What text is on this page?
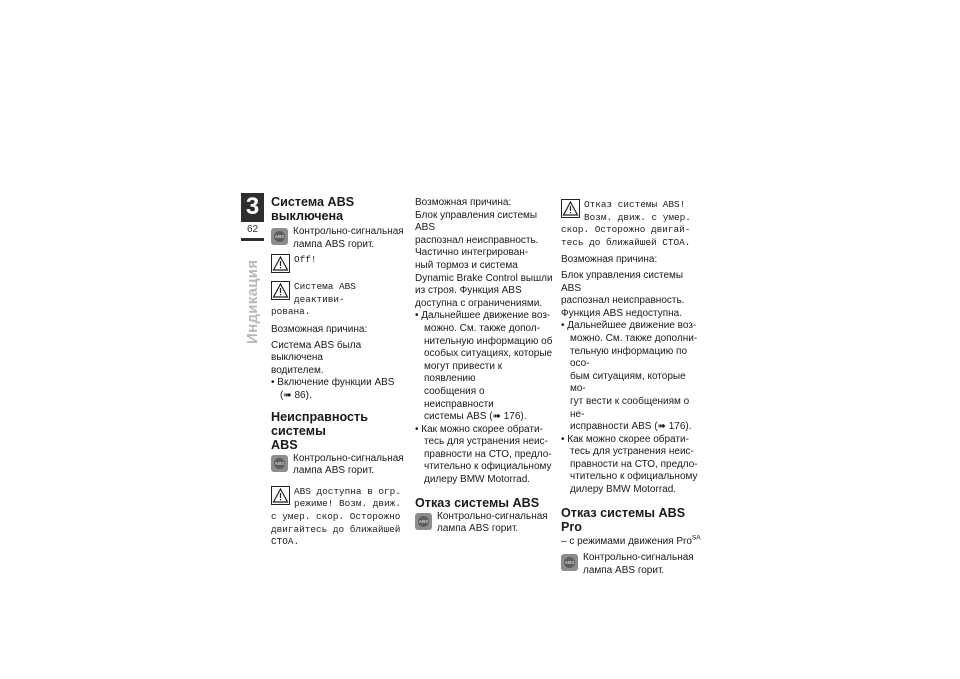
3
62
Индикация
Система ABS выключена
ABS Контрольно-сигнальная

лампа ABS горит.

Off!

Система ABS деактиви-

рована.

Возможная причина:

Система ABS была выключена

водителем.

• Включение функции ABS

(➠ 86).

Неисправность системы
ABS
ABS Контрольно-сигнальная

лампа ABS горит.

ABS доступна в огр.

режиме! Возм. движ.

с умер. скор. Осторожно

двигайтесь до ближайшей

СТОА.

Возможная причина:

Блок управления системы ABS

распознал неисправность.

Частично интегрирован-

ный тормоз и система

Dynamic Brake Control вышли

из строя. Функция ABS

доступна с ограничениями.

• Дальнейшее движение воз-

можно. См. также допол-

нительную информацию об

особых ситуациях, которые

могут привести к появлению

сообщения о неисправности

системы ABS (➠ 176).

• Как можно скорее обрати-

тесь для устранения неис-

правности на СТО, предло-

чтительно к официальному

дилеру BMW Motorrad.

Отказ системы ABS
ABS Контрольно-сигнальная

лампа ABS горит.

Отказ системы ABS!

Возм. движ. с умер.

скор. Осторожно двигай-

тесь до ближайшей СТОА.

Возможная причина:

Блок управления системы ABS

распознал неисправность.

Функция ABS недоступна.

• Дальнейшее движение воз-

можно. См. также дополни-

тельную информацию по осо-

бым ситуациям, которые мо-

гут вести к сообщениям о не-

исправности ABS (➠ 176).

• Как можно скорее обрати-

тесь для устранения неис-

правности на СТО, предло-

чтительно к официальному

дилеру BMW Motorrad.

Отказ системы ABS Pro

– с режимами движения Pro$^{SA}$

ABS Контрольно-сигнальная

лампа ABS горит.
